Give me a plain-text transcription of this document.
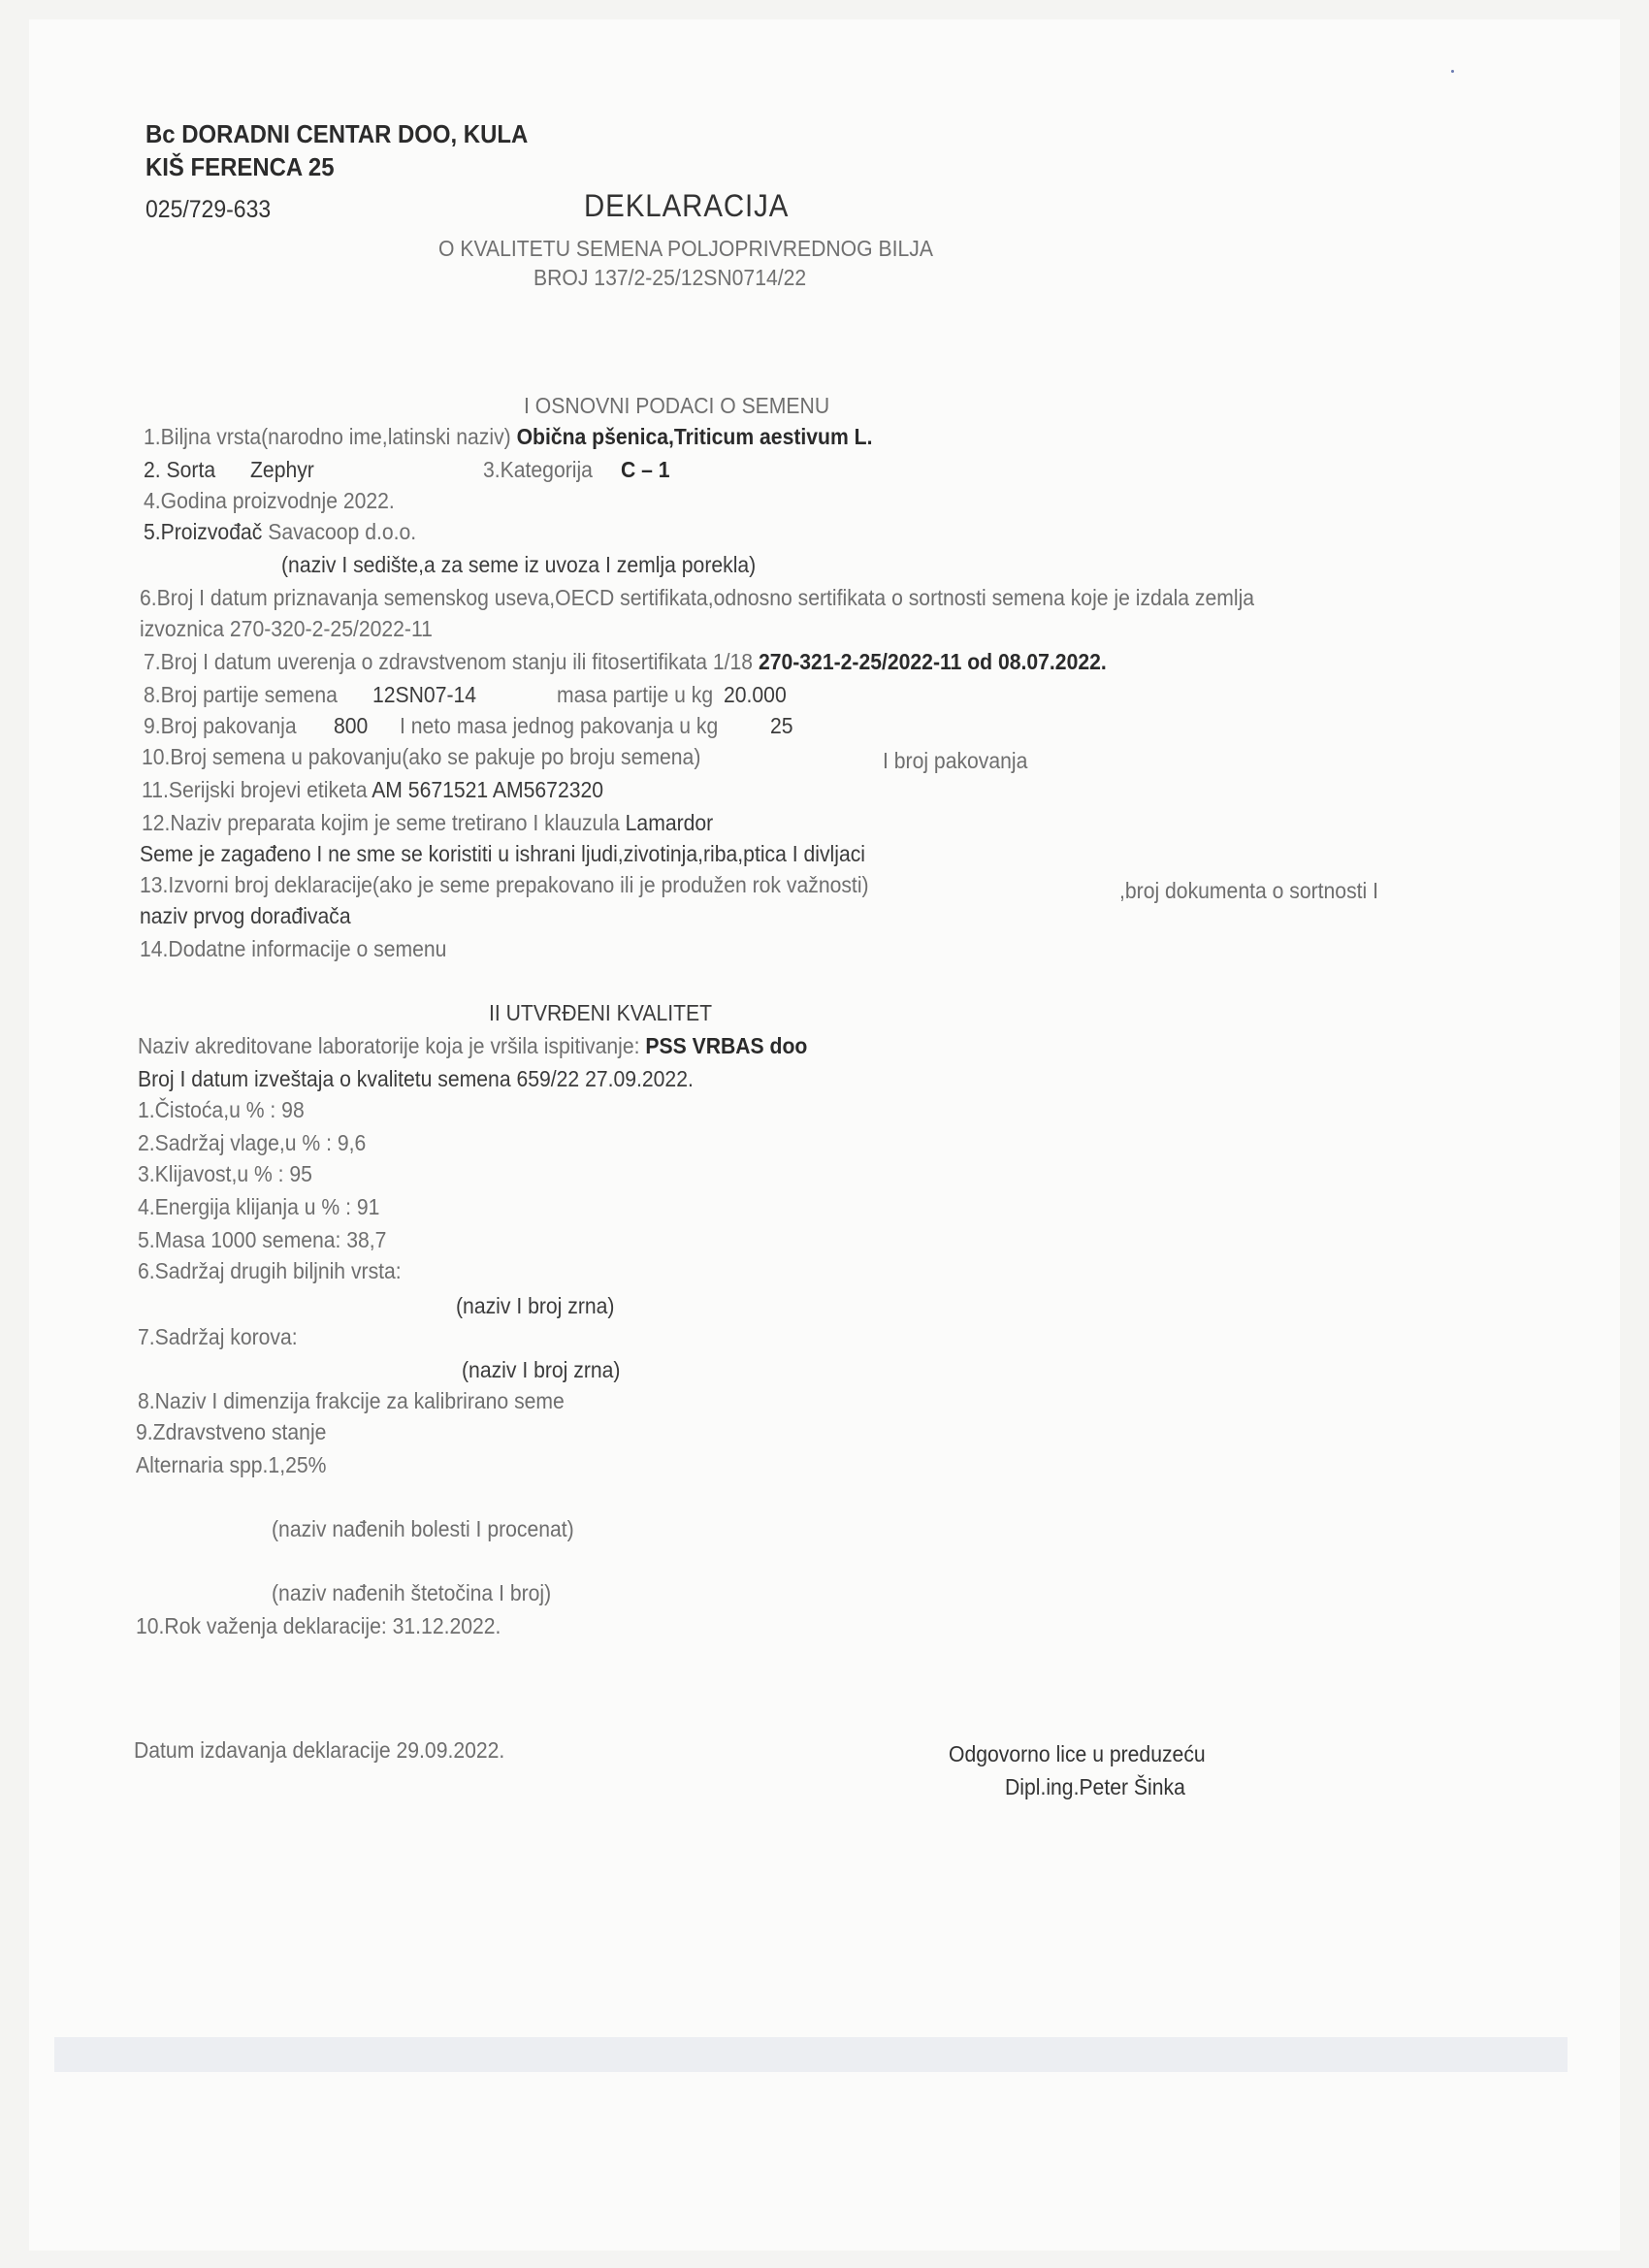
Bc DORADNI CENTAR DOO, KULA
KIŠ FERENCA 25
025/729-633	DEKLARACIJA
O KVALITETU SEMENA POLJOPRIVREDNOG BILJA
BROJ 137/2-25/12SN0714/22
I OSNOVNI PODACI O SEMENU
1.Biljna vrsta(narodno ime,latinski naziv) Obična pšenica,Triticum aestivum L.
2. Sorta Zephyr	3.Kategorija C – 1
4.Godina proizvodnje 2022.
5.Proizvođač Savacoop d.o.o.
(naziv I sedište,a za seme iz uvoza I zemlja porekla)
6.Broj I datum priznavanja semenskog useva,OECD sertifikata,odnosno sertifikata o sortnosti semena koje je izdala zemlja
izvoznica 270-320-2-25/2022-11
7.Broj I datum uverenja o zdravstvenom stanju ili fitosertifikata 1/18 270-321-2-25/2022-11 od 08.07.2022.
8.Broj partije semena 12SN07-14	masa partije u kg 20.000
9.Broj pakovanja 800 I neto masa jednog pakovanja u kg 25
10.Broj semena u pakovanju(ako se pakuje po broju semena)	I broj pakovanja
11.Serijski brojevi etiketa AM 5671521 AM5672320
12.Naziv preparata kojim je seme tretirano I klauzula Lamardor
Seme je zagađeno I ne sme se koristiti u ishrani ljudi,zivotinja,riba,ptica I divljaci
13.Izvorni broj deklaracije(ako je seme prepakovano ili je produžen rok važnosti)	,broj dokumenta o sortnosti I
naziv prvog dorađivača
14.Dodatne informacije o semenu
II UTVRĐENI KVALITET
Naziv akreditovane laboratorije koja je vršila ispitivanje: PSS VRBAS doo
Broj I datum izveštaja o kvalitetu semena 659/22 27.09.2022.
1.Čistoća,u % : 98
2.Sadržaj vlage,u % : 9,6
3.Klijavost,u % : 95
4.Energija klijanja u % : 91
5.Masa 1000 semena: 38,7
6.Sadržaj drugih biljnih vrsta:
(naziv I broj zrna)
7.Sadržaj korova:
(naziv I broj zrna)
8.Naziv I dimenzija frakcije za kalibrirano seme
9.Zdravstveno stanje
Alternaria spp.1,25%
(naziv nađenih bolesti I procenat)
(naziv nađenih štetočina I broj)
10.Rok važenja deklaracije: 31.12.2022.
Datum izdavanja deklaracije 29.09.2022.	Odgovorno lice u preduzeću
Dipl.ing.Peter Šinka
